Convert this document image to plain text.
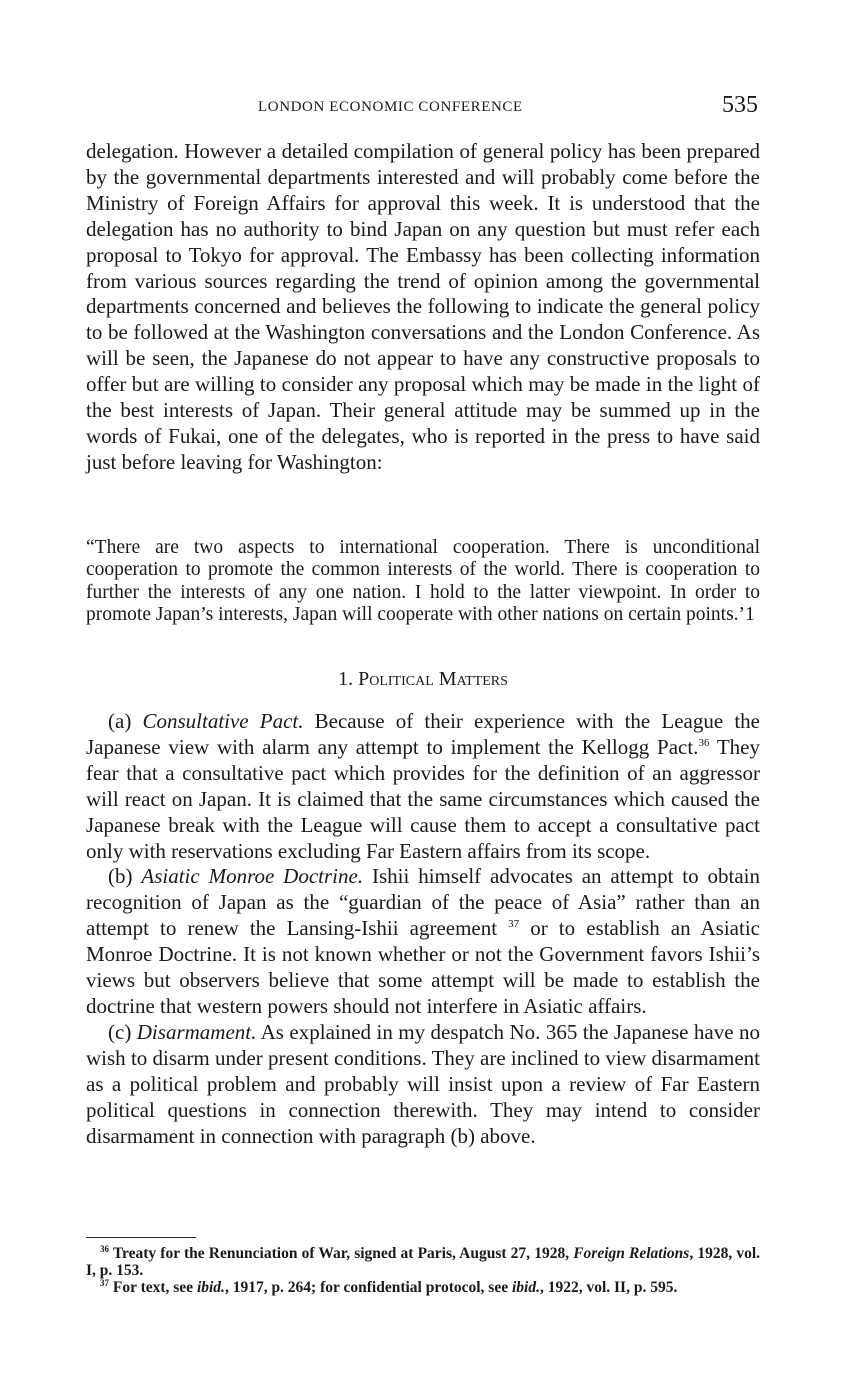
LONDON ECONOMIC CONFERENCE	535

delegation. However a detailed compilation of general policy has been prepared by the governmental departments interested and will probably come before the Ministry of Foreign Affairs for approval this week. It is understood that the delegation has no authority to bind Japan on any question but must refer each proposal to Tokyo for approval. The Embassy has been collecting information from various sources regarding the trend of opinion among the governmental departments concerned and believes the following to indicate the general policy to be followed at the Washington conversations and the London Conference. As will be seen, the Japanese do not appear to have any constructive proposals to offer but are willing to consider any proposal which may be made in the light of the best interests of Japan. Their general attitude may be summed up in the words of Fukai, one of the delegates, who is reported in the press to have said just before leaving for Washington:

“There are two aspects to international cooperation. There is unconditional cooperation to promote the common interests of the world. There is cooperation to further the interests of any one nation. I hold to the latter viewpoint. In order to promote Japan’s interests, Japan will cooperate with other nations on certain points.’1

1. Political Matters

(a) Consultative Pact. Because of their experience with the League the Japanese view with alarm any attempt to implement the Kellogg Pact.$^{36}$ They fear that a consultative pact which provides for the definition of an aggressor will react on Japan. It is claimed that the same circumstances which caused the Japanese break with the League will cause them to accept a consultative pact only with reservations excluding Far Eastern affairs from its scope.

(b) Asiatic Monroe Doctrine. Ishii himself advocates an attempt to obtain recognition of Japan as the “guardian of the peace of Asia” rather than an attempt to renew the Lansing-Ishii agreement $^{37}$ or to establish an Asiatic Monroe Doctrine. It is not known whether or not the Government favors Ishii’s views but observers believe that some attempt will be made to establish the doctrine that western powers should not interfere in Asiatic affairs.

(c) Disarmament. As explained in my despatch No. 365 the Japanese have no wish to disarm under present conditions. They are inclined to view disarmament as a political problem and probably will insist upon a review of Far Eastern political questions in connection therewith. They may intend to consider disarmament in connection with paragraph (b) above.

$^{36}$ Treaty for the Renunciation of War, signed at Paris, August 27, 1928, Foreign Relations, 1928, vol. I, p. 153.

$^{37}$ For text, see ibid., 1917, p. 264; for confidential protocol, see ibid., 1922, vol. II, p. 595.
